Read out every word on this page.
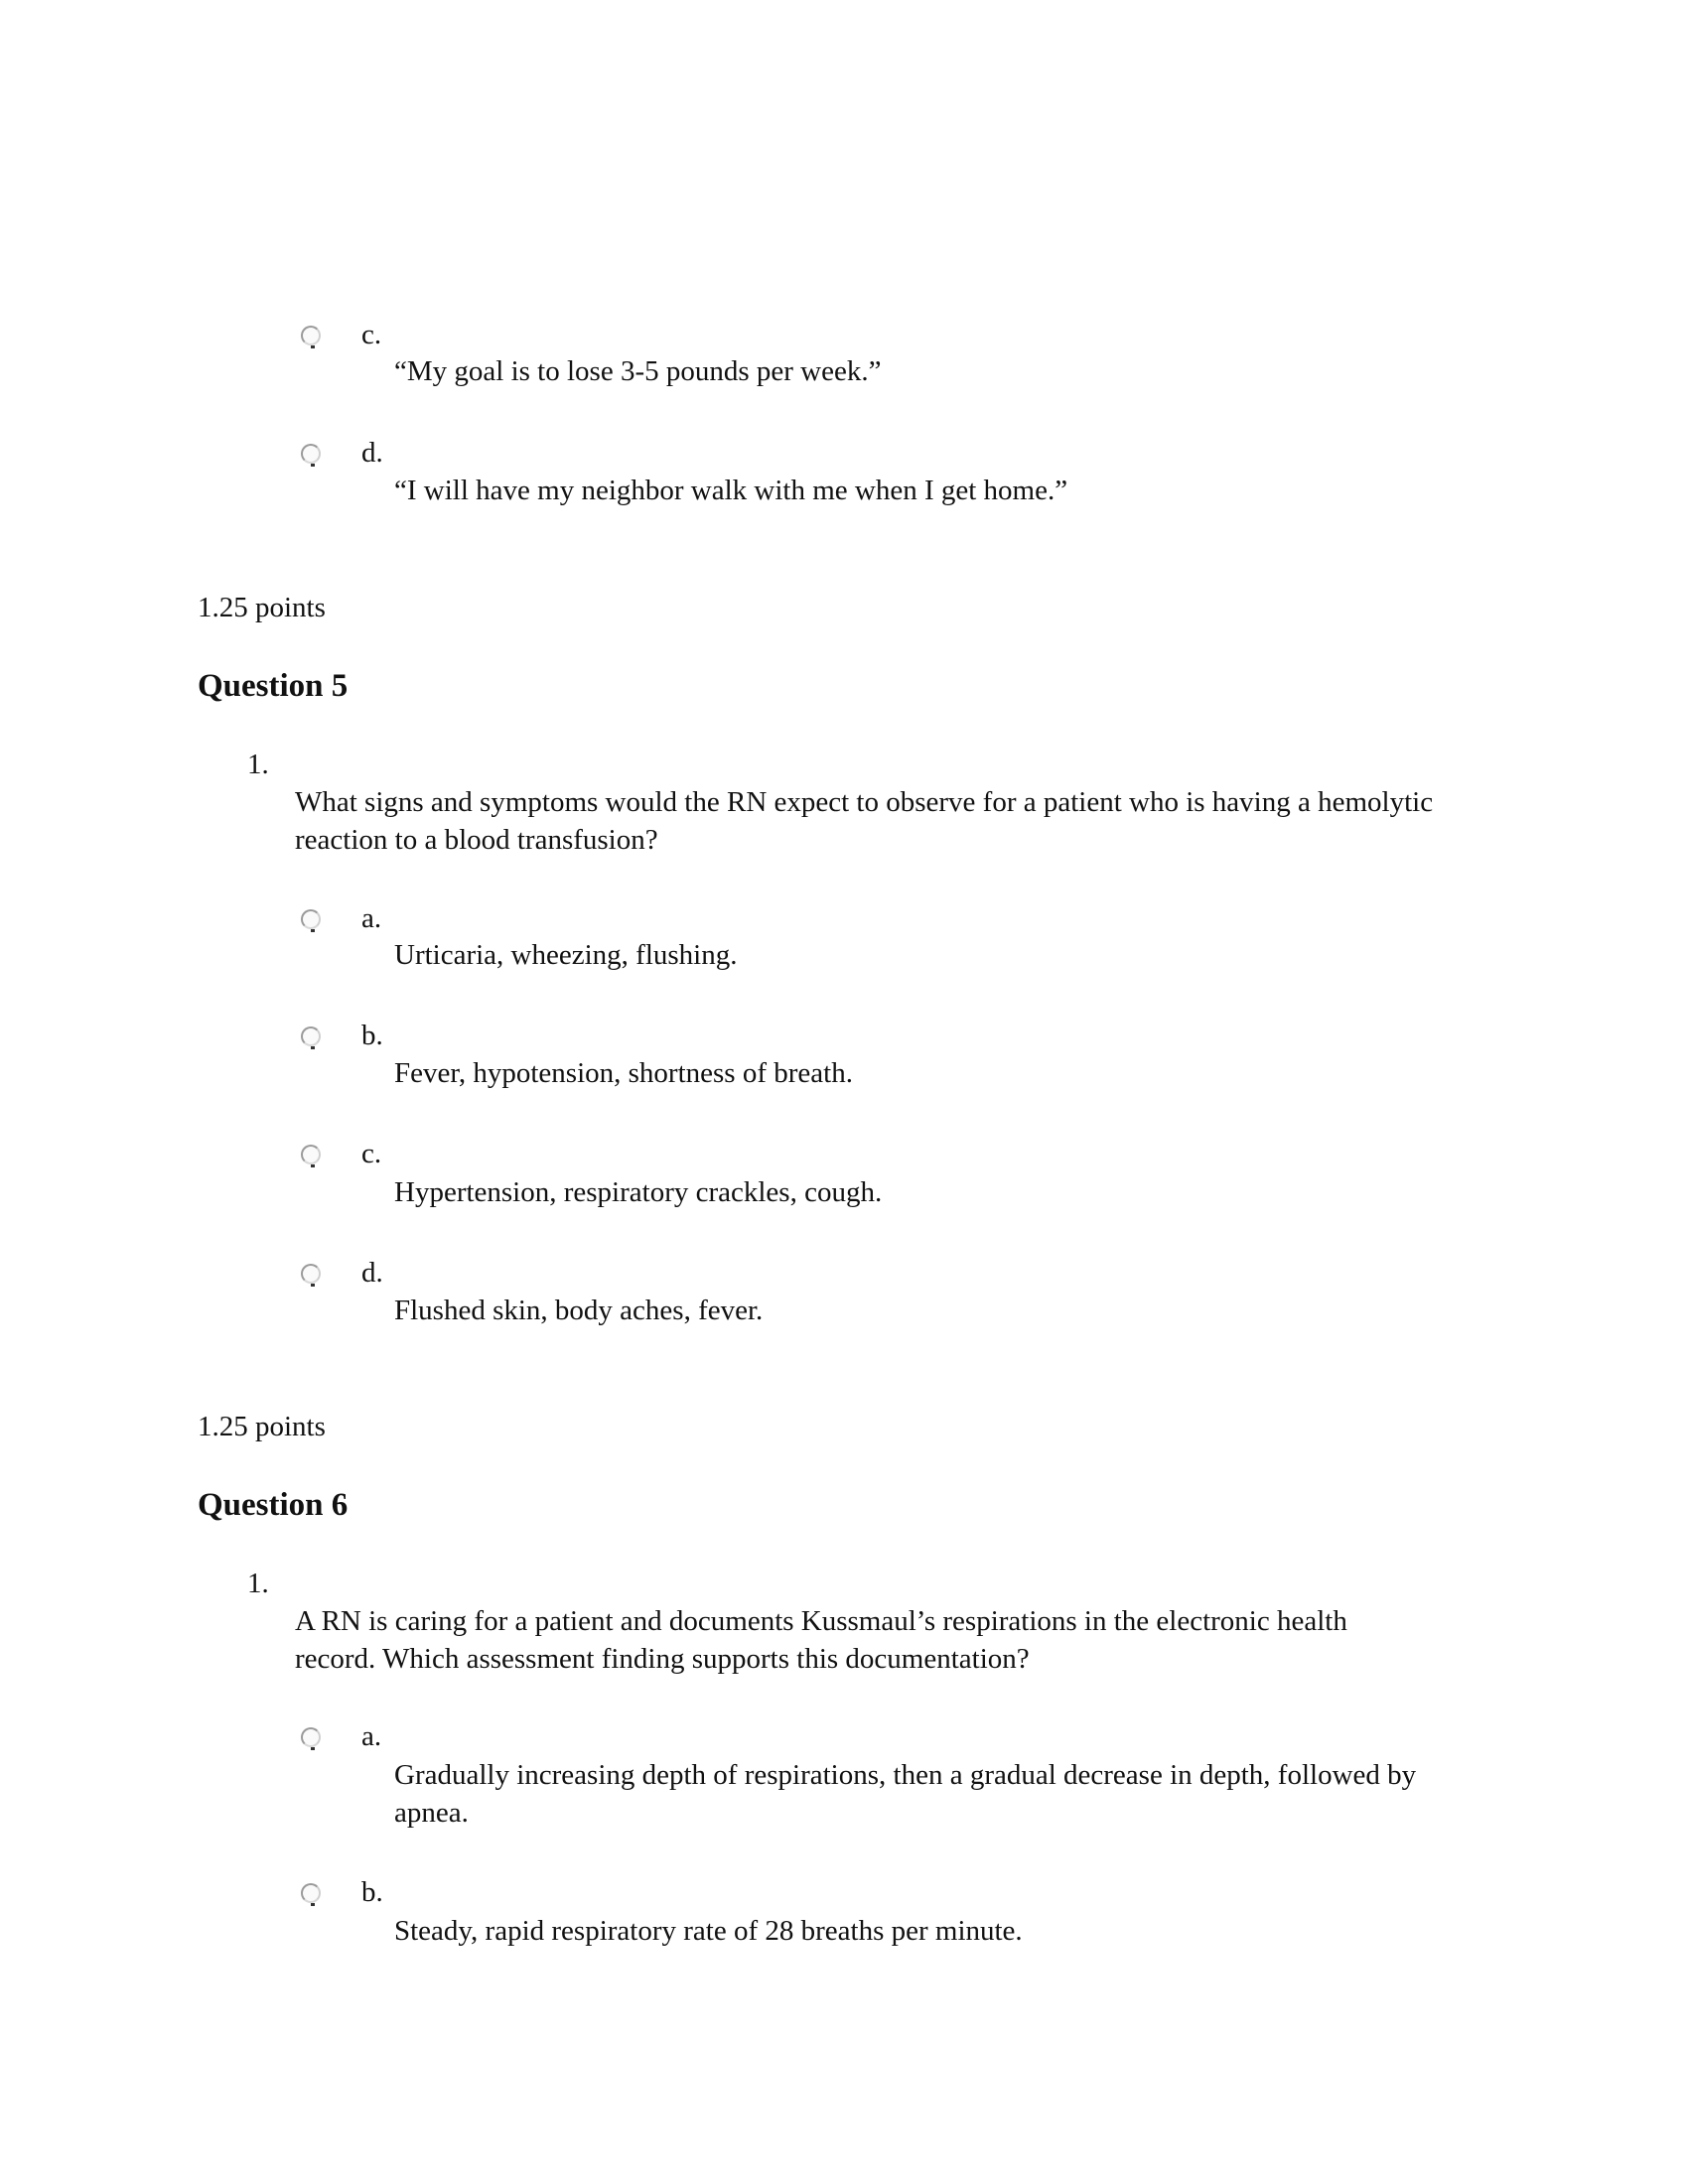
c.
“My goal is to lose 3-5 pounds per week.”
d.
“I will have my neighbor walk with me when I get home.”
1.25 points
Question 5
1.
What signs and symptoms would the RN expect to observe for a patient who is having a hemolytic reaction to a blood transfusion?
a.
Urticaria, wheezing, flushing.
b.
Fever, hypotension, shortness of breath.
c.
Hypertension, respiratory crackles, cough.
d.
Flushed skin, body aches, fever.
1.25 points
Question 6
1.
A RN is caring for a patient and documents Kussmaul’s respirations in the electronic health record. Which assessment finding supports this documentation?
a.
Gradually increasing depth of respirations, then a gradual decrease in depth, followed by apnea.
b.
Steady, rapid respiratory rate of 28 breaths per minute.
